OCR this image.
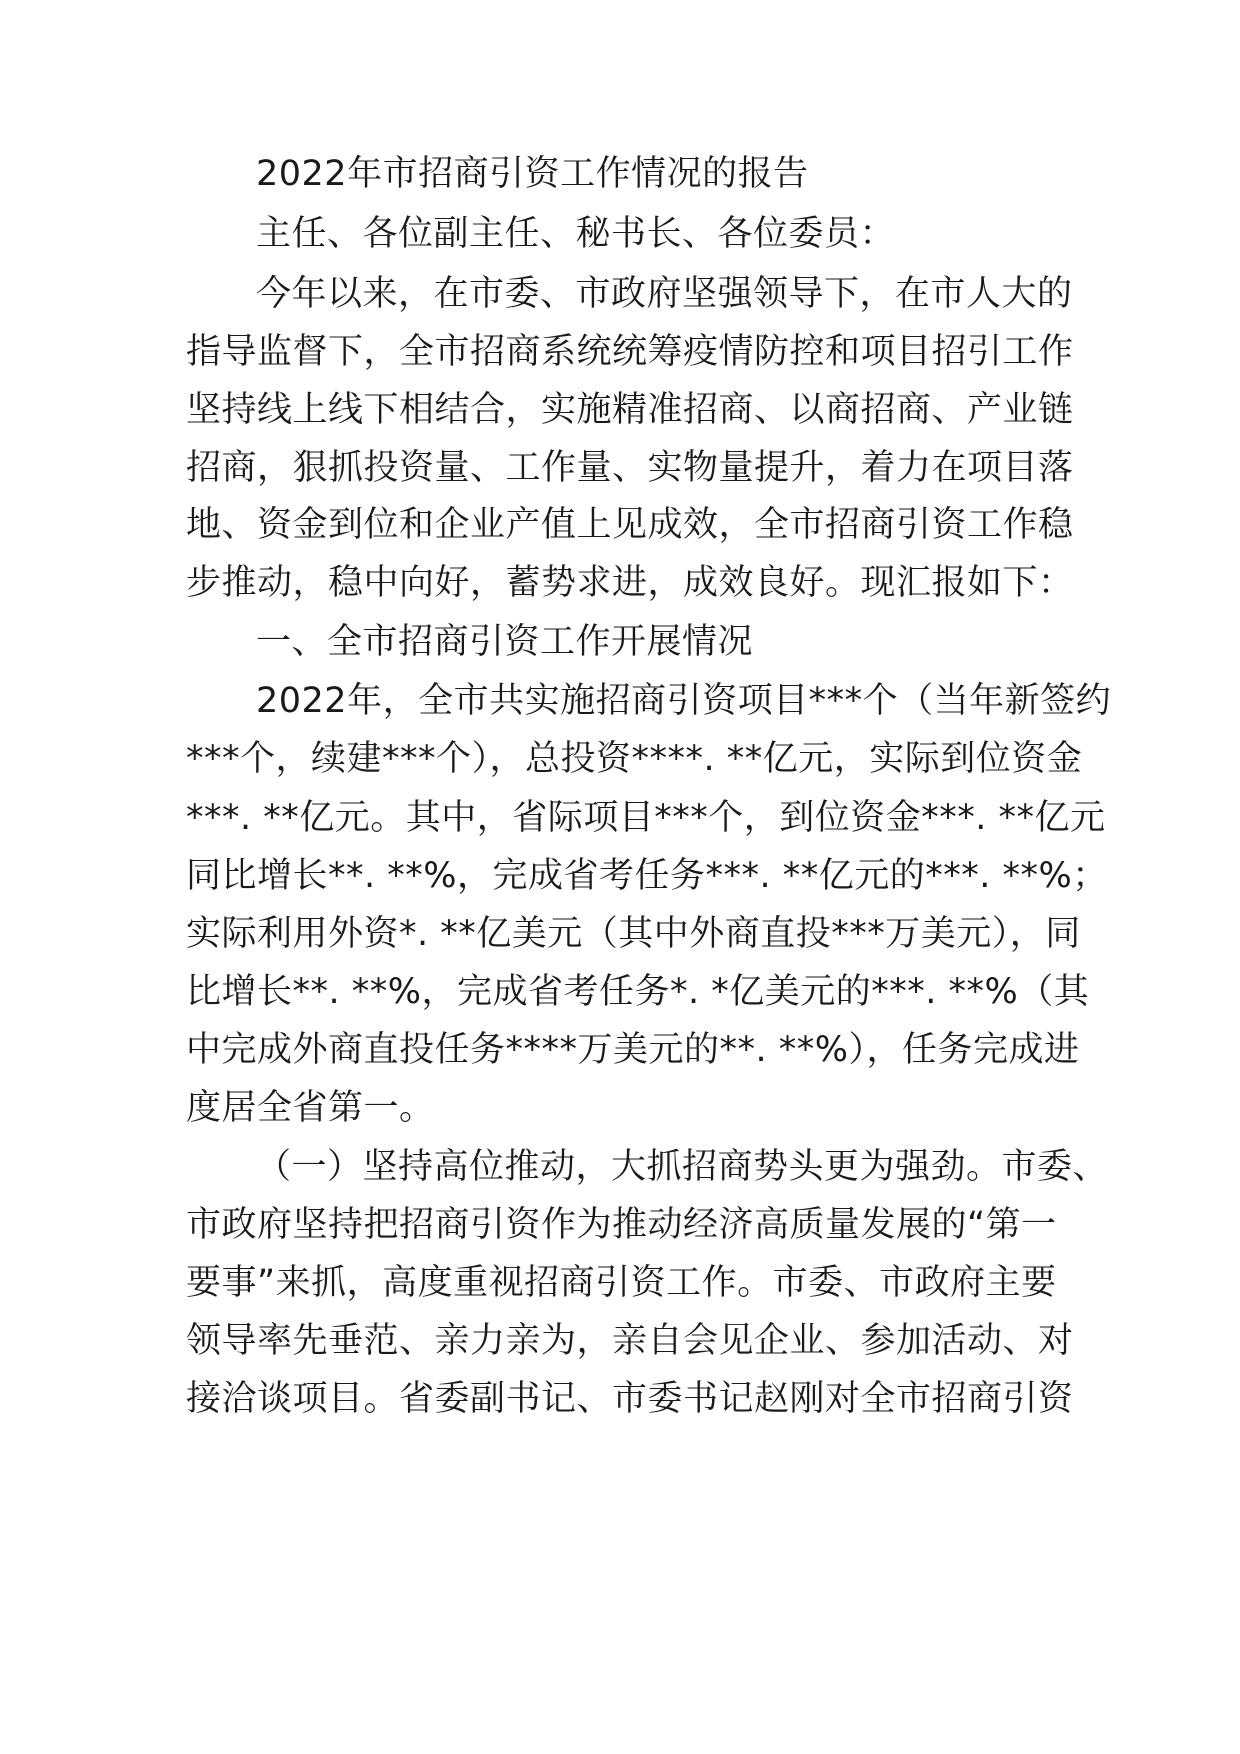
2022年市招商引资工作情况的报告
主任、各位副主任、秘书长、各位委员：
今年以来，在市委、市政府坚强领导下，在市人大的
指导监督下，全市招商系统统筹疫情防控和项目招引工作
坚持线上线下相结合，实施精准招商、以商招商、产业链
招商，狠抓投资量、工作量、实物量提升，着力在项目落
地、资金到位和企业产值上见成效，全市招商引资工作稳
步推动，稳中向好，蓄势求进，成效良好。现汇报如下：
一、全市招商引资工作开展情况
2022年，全市共实施招商引资项目***个（当年新签约
***个，续建***个），总投资****. **亿元，实际到位资金
***. **亿元。其中，省际项目***个，到位资金***. **亿元
同比增长**. **%，完成省考任务***. **亿元的***. **%；
实际利用外资*. **亿美元（其中外商直投***万美元），同
比增长**. **%，完成省考任务*. *亿美元的***. **%（其
中完成外商直投任务****万美元的**. **%），任务完成进
度居全省第一。
（一）坚持高位推动，大抓招商势头更为强劲。市委、
市政府坚持把招商引资作为推动经济高质量发展的“第一
要事”来抓，高度重视招商引资工作。市委、市政府主要
领导率先垂范、亲力亲为，亲自会见企业、参加活动、对
接洽谈项目。省委副书记、市委书记赵刚对全市招商引资
